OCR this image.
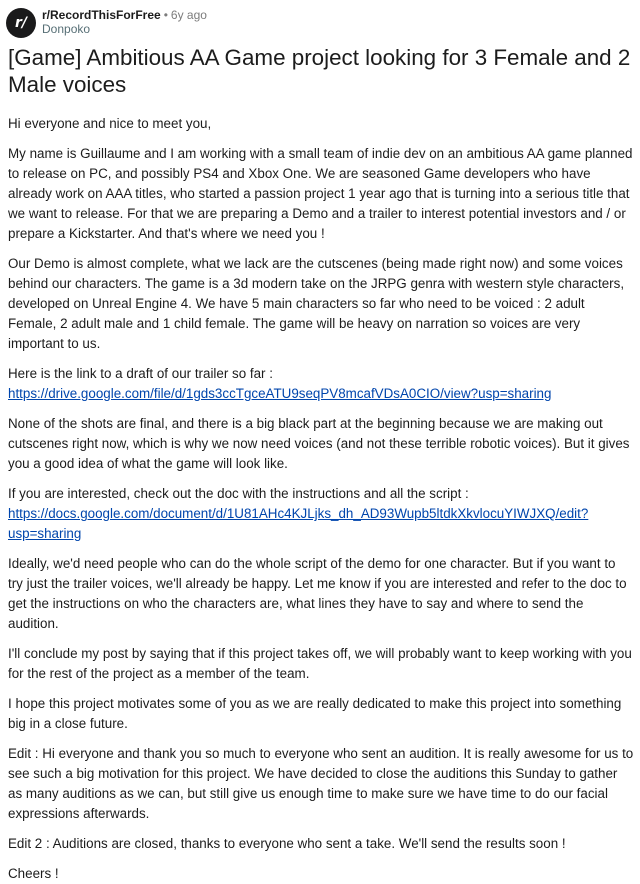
r/ r/RecordThisForFree • 6y ago
Donpoko
[Game] Ambitious AA Game project looking for 3 Female and 2 Male voices

Hi everyone and nice to meet you,

My name is Guillaume and I am working with a small team of indie dev on an ambitious AA game planned to release on PC, and possibly PS4 and Xbox One. We are seasoned Game developers who have already work on AAA titles, who started a passion project 1 year ago that is turning into a serious title that we want to release. For that we are preparing a Demo and a trailer to interest potential investors and / or prepare a Kickstarter. And that's where we need you !

Our Demo is almost complete, what we lack are the cutscenes (being made right now) and some voices behind our characters. The game is a 3d modern take on the JRPG genra with western style characters, developed on Unreal Engine 4. We have 5 main characters so far who need to be voiced : 2 adult Female, 2 adult male and 1 child female. The game will be heavy on narration so voices are very important to us.

Here is the link to a draft of our trailer so far :
https://drive.google.com/file/d/1gds3ccTgceATU9seqPV8mcafVDsA0CIO/view?usp=sharing

None of the shots are final, and there is a big black part at the beginning because we are making out cutscenes right now, which is why we now need voices (and not these terrible robotic voices). But it gives you a good idea of what the game will look like.

If you are interested, check out the doc with the instructions and all the script :
https://docs.google.com/document/d/1U81AHc4KJLjks_dh_AD93Wupb5ltdkXkvlocuYIWJXQ/edit?usp=sharing

Ideally, we'd need people who can do the whole script of the demo for one character. But if you want to try just the trailer voices, we'll already be happy. Let me know if you are interested and refer to the doc to get the instructions on who the characters are, what lines they have to say and where to send the audition.

I'll conclude my post by saying that if this project takes off, we will probably want to keep working with you for the rest of the project as a member of the team.

I hope this project motivates some of you as we are really dedicated to make this project into something big in a close future.

Edit : Hi everyone and thank you so much to everyone who sent an audition. It is really awesome for us to see such a big motivation for this project. We have decided to close the auditions this Sunday to gather as many auditions as we can, but still give us enough time to make sure we have time to do our facial expressions afterwards.

Edit 2 : Auditions are closed, thanks to everyone who sent a take. We'll send the results soon !

Cheers !
